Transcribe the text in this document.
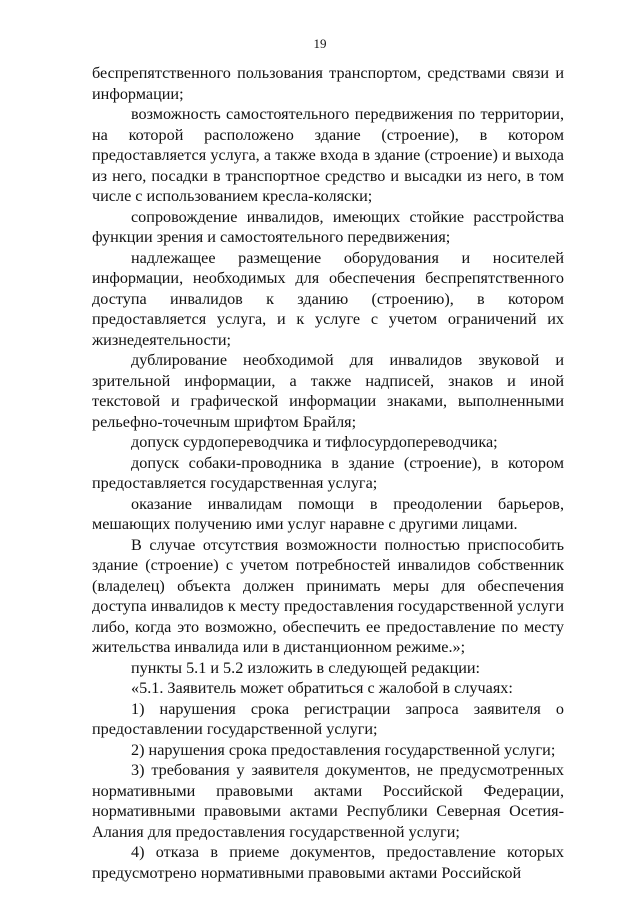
19

беспрепятственного пользования транспортом, средствами связи и информации;

возможность самостоятельного передвижения по территории, на которой расположено здание (строение), в котором предоставляется услуга, а также входа в здание (строение) и выхода из него, посадки в транспортное средство и высадки из него, в том числе с использованием кресла-коляски;

сопровождение инвалидов, имеющих стойкие расстройства функции зрения и самостоятельного передвижения;

надлежащее размещение оборудования и носителей информации, необходимых для обеспечения беспрепятственного доступа инвалидов к зданию (строению), в котором предоставляется услуга, и к услуге с учетом ограничений их жизнедеятельности;

дублирование необходимой для инвалидов звуковой и зрительной информации, а также надписей, знаков и иной текстовой и графической информации знаками, выполненными рельефно-точечным шрифтом Брайля;

допуск сурдопереводчика и тифлосурдопереводчика;

допуск собаки-проводника в здание (строение), в котором предоставляется государственная услуга;

оказание инвалидам помощи в преодолении барьеров, мешающих получению ими услуг наравне с другими лицами.

В случае отсутствия возможности полностью приспособить здание (строение) с учетом потребностей инвалидов собственник (владелец) объекта должен принимать меры для обеспечения доступа инвалидов к месту предоставления государственной услуги либо, когда это возможно, обеспечить ее предоставление по месту жительства инвалида или в дистанционном режиме.»;

пункты 5.1 и 5.2 изложить в следующей редакции:

«5.1. Заявитель может обратиться с жалобой в случаях:

1) нарушения срока регистрации запроса заявителя о предоставлении государственной услуги;

2) нарушения срока предоставления государственной услуги;

3) требования у заявителя документов, не предусмотренных нормативными правовыми актами Российской Федерации, нормативными правовыми актами Республики Северная Осетия-Алания для предоставления государственной услуги;

4) отказа в приеме документов, предоставление которых предусмотрено нормативными правовыми актами Российской
